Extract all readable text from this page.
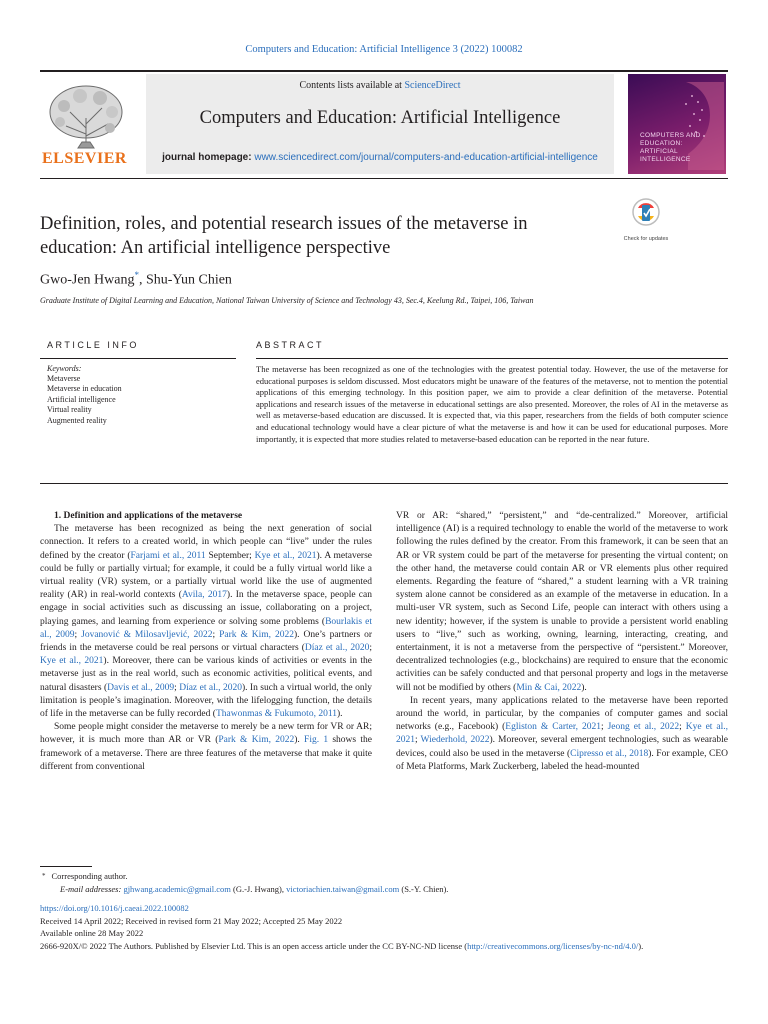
Computers and Education: Artificial Intelligence 3 (2022) 100082
ELSEVIER
Contents lists available at ScienceDirect
Computers and Education: Artificial Intelligence
journal homepage: www.sciencedirect.com/journal/computers-and-education-artificial-intelligence
COMPUTERS AND
EDUCATION:
ARTIFICIAL
INTELLIGENCE
Definition, roles, and potential research issues of the metaverse in education: An artificial intelligence perspective	Check for updates
Gwo-Jen Hwang*, Shu-Yun Chien
Graduate Institute of Digital Learning and Education, National Taiwan University of Science and Technology 43, Sec.4, Keelung Rd., Taipei, 106, Taiwan
ARTICLE INFO	ABSTRACT
Keywords:
Metaverse
Metaverse in education
Artificial intelligence
Virtual reality
Augmented reality
The metaverse has been recognized as one of the technologies with the greatest potential today. However, the use of the metaverse for educational purposes is seldom discussed. Most educators might be unaware of the features of the metaverse, not to mention the potential applications of this emerging technology. In this position paper, we aim to provide a clear definition of the metaverse. Potential applications and research issues of the metaverse in educational settings are also presented. Moreover, the roles of AI in the metaverse as well as metaverse-based education are discussed. It is expected that, via this paper, researchers from the fields of both computer science and educational technology would have a clear picture of what the metaverse is and how it can be used for educational purposes. More importantly, it is expected that more studies related to metaverse-based education can be reported in the near future.

1. Definition and applications of the metaverse

The metaverse has been recognized as being the next generation of social connection. It refers to a created world, in which people can “live” under the rules defined by the creator (Farjami et al., 2011 September; Kye et al., 2021). A metaverse could be fully or partially virtual; for example, it could be a fully virtual world like a virtual reality (VR) system, or a partially virtual world like the use of augmented reality (AR) in real-world contexts (Avila, 2017). In the metaverse space, people can engage in social activities such as discussing an issue, collaborating on a project, playing games, and learning from experience or solving some problems (Bourlakis et al., 2009; Jovanović & Milosavljević, 2022; Park & Kim, 2022). One’s partners or friends in the metaverse could be real persons or virtual characters (Díaz et al., 2020; Kye et al., 2021). Moreover, there can be various kinds of activities or events in the metaverse just as in the real world, such as economic activities, political events, and natural disasters (Davis et al., 2009; Díaz et al., 2020). In such a virtual world, the only limitation is people’s imagination. Moreover, with the lifelogging function, the details of life in the metaverse can be fully recorded (Thawonmas & Fukumoto, 2011).

Some people might consider the metaverse to merely be a new term for VR or AR; however, it is much more than AR or VR (Park & Kim, 2022). Fig. 1 shows the framework of a metaverse. There are three features of the metaverse that make it quite different from conventional

VR or AR: “shared,” “persistent,” and “de-centralized.” Moreover, artificial intelligence (AI) is a required technology to enable the world of the metaverse to work following the rules defined by the creator. From this framework, it can be seen that an AR or VR system could be part of the metaverse for presenting the virtual content; on the other hand, the metaverse could contain AR or VR elements plus other required elements. Regarding the feature of “shared,” a student learning with a VR training system alone cannot be considered as an example of the metaverse in education. In a multi-user VR system, such as Second Life, people can interact with others using a new identity; however, if the system is unable to provide a persistent world enabling users to “live,” such as working, owning, learning, interacting, creating, and entertainment, it is not a metaverse from the perspective of “persistent.” Moreover, decentralized technologies (e.g., blockchains) are required to ensure that the economic activities can be safely conducted and that personal property and logs in the metaverse will not be modified by others (Min & Cai, 2022).

In recent years, many applications related to the metaverse have been reported around the world, in particular, by the companies of computer games and social networks (e.g., Facebook) (Egliston & Carter, 2021; Jeong et al., 2022; Kye et al., 2021; Wiederhold, 2022). Moreover, several emergent technologies, such as wearable devices, could also be used in the metaverse (Cipresso et al., 2018). For example, CEO of Meta Platforms, Mark Zuckerberg, labeled the head-mounted

* Corresponding author.
E-mail addresses: gjhwang.academic@gmail.com (G.-J. Hwang), victoriachien.taiwan@gmail.com (S.-Y. Chien).
https://doi.org/10.1016/j.caeai.2022.100082
Received 14 April 2022; Received in revised form 21 May 2022; Accepted 25 May 2022
Available online 28 May 2022
2666-920X/© 2022 The Authors. Published by Elsevier Ltd. This is an open access article under the CC BY-NC-ND license (http://creativecommons.org/licenses/by-nc-nd/4.0/).
